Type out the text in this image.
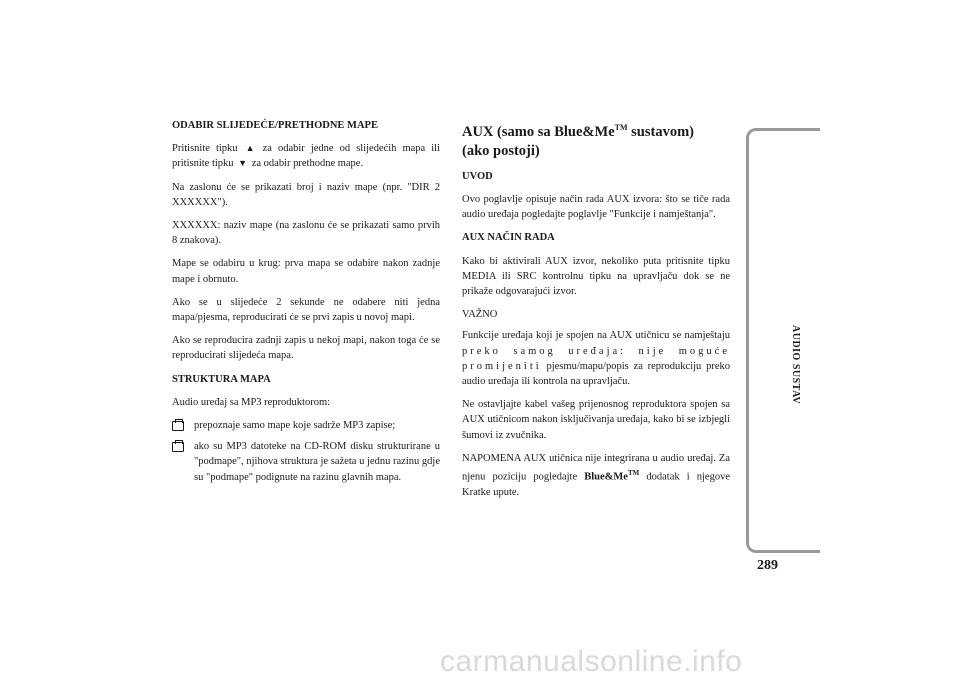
ODABIR SLIJEDEĆE/PRETHODNE MAPE

Pritisnite tipku ▲ za odabir jedne od slijedećih mapa ili pritisnite tipku ▼ za odabir prethodne mape.

Na zaslonu će se prikazati broj i naziv mape (npr. "DIR 2 XXXXXX").

XXXXXX: naziv mape (na zaslonu će se prikazati samo prvih 8 znakova).

Mape se odabiru u krug: prva mapa se odabire nakon zadnje mape i obrnuto.

Ako se u slijedeće 2 sekunde ne odabere niti jedna mapa/pjesma, reproducirati će se prvi zapis u novoj mapi.

Ako se reproducira zadnji zapis u nekoj mapi, nakon toga će se reproducirati slijedeća mapa.

STRUKTURA MAPA

Audio uređaj sa MP3 reproduktorom:

prepoznaje samo mape koje sadrže MP3 zapise;
ako su MP3 datoteke na CD-ROM disku strukturirane u "podmape", njihova struktura je sažeta u jednu razinu gdje su "podmape" podignute na razinu glavnih mapa.
AUX (samo sa Blue&Me™ sustavom)
(ako postoji)
UVOD

Ovo poglavlje opisuje način rada AUX izvora: što se tiče rada audio uređaja pogledajte poglavlje "Funkcije i namještanja".

AUX NAČIN RADA

Kako bi aktivirali AUX izvor, nekoliko puta pritisnite tipku MEDIA ili SRC kontrolnu tipku na upravljaču dok se ne prikaže odgovarajući izvor.

VAŽNO

Funkcije uređaja koji je spojen na AUX utičnicu se namještaju preko samog uređaja: nije moguće promijeniti pjesmu/mapu/popis za reprodukciju preko audio uređaja ili kontrola na upravljaču.

Ne ostavljajte kabel vašeg prijenosnog reproduktora spojen sa AUX utičnicom nakon isključivanja uređaja, kako bi se izbjegli šumovi iz zvučnika.

NAPOMENA AUX utičnica nije integrirana u audio uređaj. Za njenu poziciju pogledajte Blue&Me™ dodatak i njegove Kratke upute.

AUDIO SUSTAV
289
carmanualsonline.info
